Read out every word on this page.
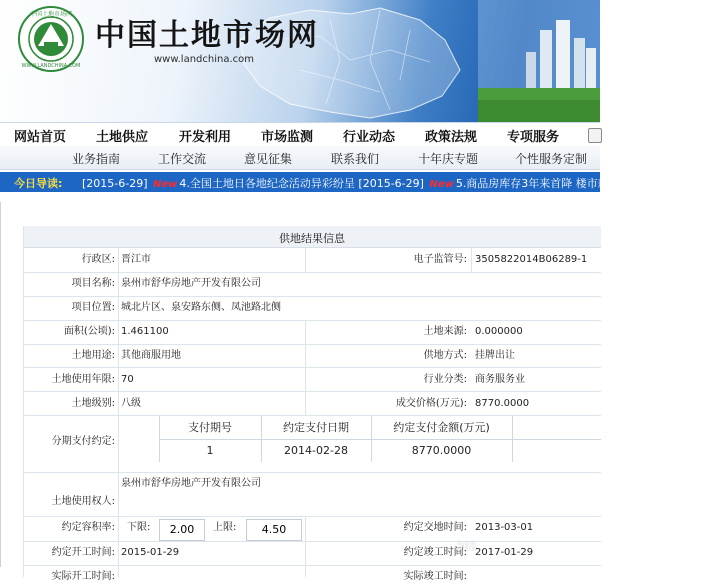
WWW.LANDCHINA.COM
中国土地市场网
中国土地市场网
www.landchina.com
网站首页 土地供应 开发利用 市场监测 行业动态 政策法规 专项服务
业务指南	工作交流	意见征集	联系我们	十年庆专题	个性服务定制
今日导读: [2015-6-29] New 4.全国土地日各地纪念活动异彩纷呈 [2015-6-29] New 5.商品房库存3年来首降 楼市新政策开始显效 [2015
供地结果信息
行政区: 晋江市	电子监管号: 3505822014B06289-1
项目名称: 泉州市舒华房地产开发有限公司
项目位置: 城北片区、泉安路东侧、凤池路北侧
面积(公顷): 1.461100	土地来源: 0.000000
土地用途: 其他商服用地	供地方式: 挂牌出让
土地使用年限: 70	行业分类: 商务服务业
土地级别: 八级	成交价格(万元): 8770.0000
分期支付约定:
支付期号	约定支付日期	约定支付金额(万元)
1	2014-02-28	8770.0000
土地使用权人:
泉州市舒华房地产开发有限公司
约定容积率: 下限:	2.00	上限:	4.50	约定交地时间: 2013-03-01
约定开工时间: 2015-01-29	约定竣工时间: 2017-01-29
实际开工时间:	实际竣工时间:
365
